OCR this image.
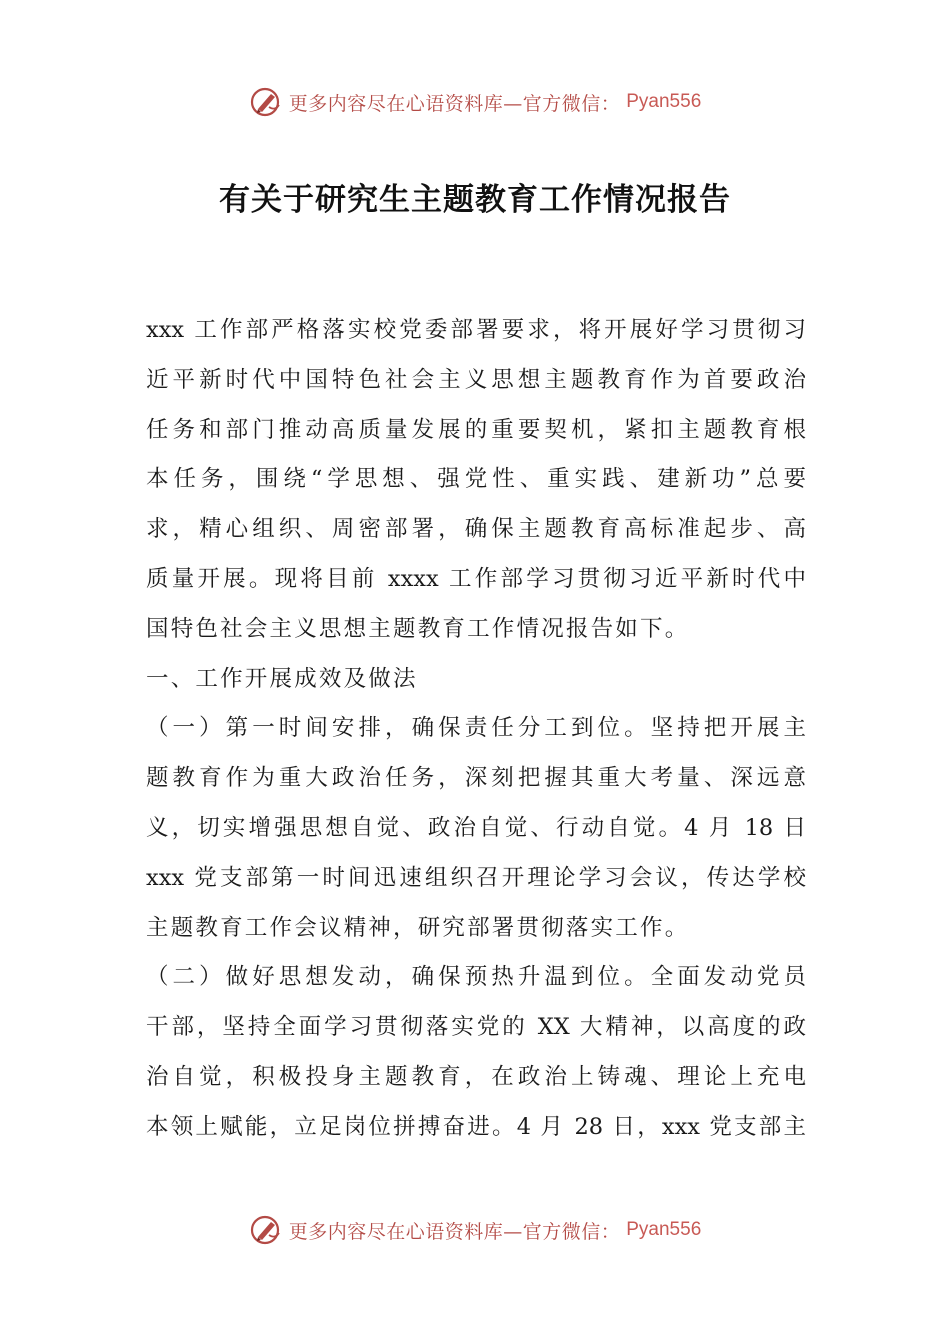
更多内容尽在心语资料库—官方微信： Pyan556
有关于研究生主题教育工作情况报告
xxx 工作部严格落实校党委部署要求，将开展好学习贯彻习
近平新时代中国特色社会主义思想主题教育作为首要政治
任务和部门推动高质量发展的重要契机，紧扣主题教育根
本任务，围绕“学思想、强党性、重实践、建新功”总要
求，精心组织、周密部署，确保主题教育高标准起步、高
质量开展。现将目前 xxxx 工作部学习贯彻习近平新时代中
国特色社会主义思想主题教育工作情况报告如下。
一、工作开展成效及做法
（一）第一时间安排，确保责任分工到位。坚持把开展主
题教育作为重大政治任务，深刻把握其重大考量、深远意
义，切实增强思想自觉、政治自觉、行动自觉。4 月 18 日
xxx 党支部第一时间迅速组织召开理论学习会议，传达学校
主题教育工作会议精神，研究部署贯彻落实工作。
（二）做好思想发动，确保预热升温到位。全面发动党员
干部，坚持全面学习贯彻落实党的 XX 大精神，以高度的政
治自觉，积极投身主题教育，在政治上铸魂、理论上充电
本领上赋能，立足岗位拼搏奋进。4 月 28 日，xxx 党支部主
更多内容尽在心语资料库—官方微信： Pyan556
